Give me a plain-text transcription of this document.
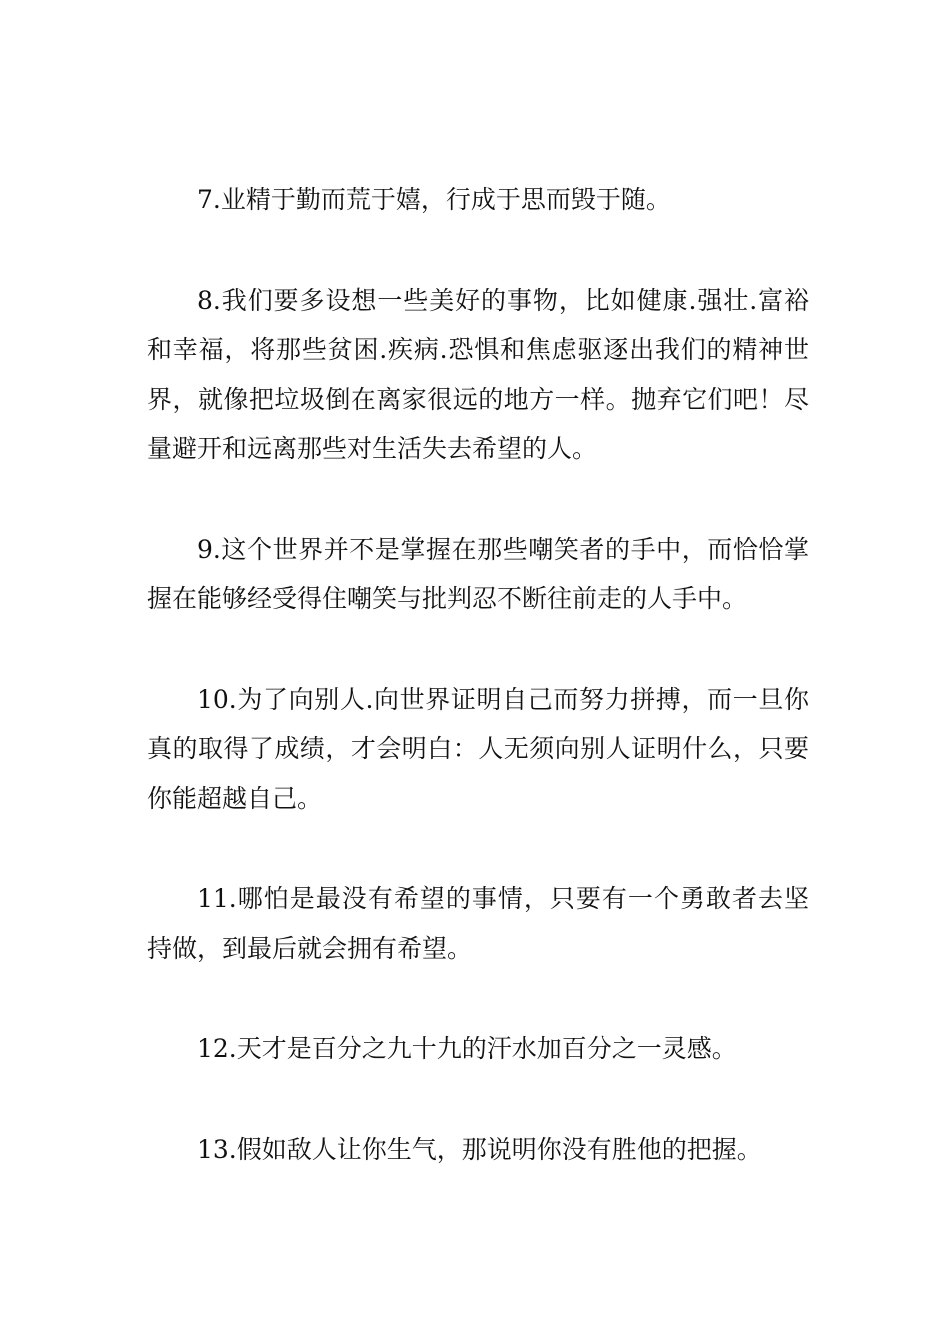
7.业精于勤而荒于嬉，行成于思而毁于随。

8.我们要多设想一些美好的事物，比如健康.强壮.富裕和幸福，将那些贫困.疾病.恐惧和焦虑驱逐出我们的精神世界，就像把垃圾倒在离家很远的地方一样。抛弃它们吧！尽量避开和远离那些对生活失去希望的人。

9.这个世界并不是掌握在那些嘲笑者的手中，而恰恰掌握在能够经受得住嘲笑与批判忍不断往前走的人手中。

10.为了向别人.向世界证明自己而努力拼搏，而一旦你真的取得了成绩，才会明白：人无须向别人证明什么，只要你能超越自己。

11.哪怕是最没有希望的事情，只要有一个勇敢者去坚持做，到最后就会拥有希望。

12.天才是百分之九十九的汗水加百分之一灵感。

13.假如敌人让你生气，那说明你没有胜他的把握。
